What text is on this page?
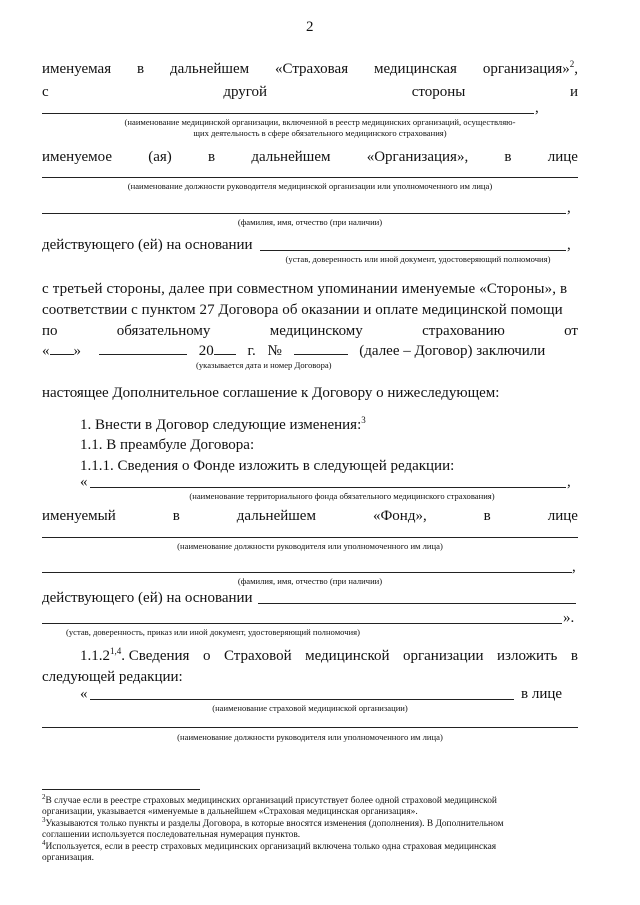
2
именуемая в дальнейшем «Страховая медицинская организация»$^2$,
с	другой	стороны	и
,
(наименование медицинской организации, включенной в реестр медицинских организаций, осуществляю-
щих деятельность в сфере обязательного медицинского страхования)
именуемое (ая) в дальнейшем «Организация», в лице
(наименование должности руководителя медицинской организации или уполномоченного им лица)
,
(фамилия, имя, отчество (при наличии)
действующего (ей) на основании	,
(устав, доверенность или иной документ, удостоверяющий полномочия)
с третьей стороны, далее при совместном упоминании именуемые «Стороны», в
соответствии с пунктом 27 Договора об оказании и оплате медицинской помощи
по	обязательному	медицинскому	страхованию	от
« »	20 г. №	(далее – Договор) заключили
(указывается дата и номер Договора)
настоящее Дополнительное соглашение к Договору о нижеследующем:
1. Внести в Договор следующие изменения:$^3$
1.1. В преамбуле Договора:
1.1.1. Сведения о Фонде изложить в следующей редакции:
«	,
(наименование территориального фонда обязательного медицинского страхования)
именуемый	в	дальнейшем	«Фонд»,	в	лице
(наименование должности руководителя или уполномоченного им лица)
,
(фамилия, имя, отчество (при наличии)
действующего (ей) на основании
».
(устав, доверенность, приказ или иной документ, удостоверяющий полномочия)
1.1.2$^{1,4}$. Сведения о Страховой медицинской организации изложить в
следующей редакции:
«	в лице
(наименование страховой медицинской организации)
(наименование должности руководителя или уполномоченного им лица)
$^2$В случае если в реестре страховых медицинских организаций присутствует более одной страховой медицинской
организации, указывается «именуемые в дальнейшем «Страховая медицинская организация».
$^3$Указываются только пункты и разделы Договора, в которые вносятся изменения (дополнения). В Дополнительном
соглашении используется последовательная нумерация пунктов.
$^4$Используется, если в реестр страховых медицинских организаций включена только одна страховая медицинская
организация.
